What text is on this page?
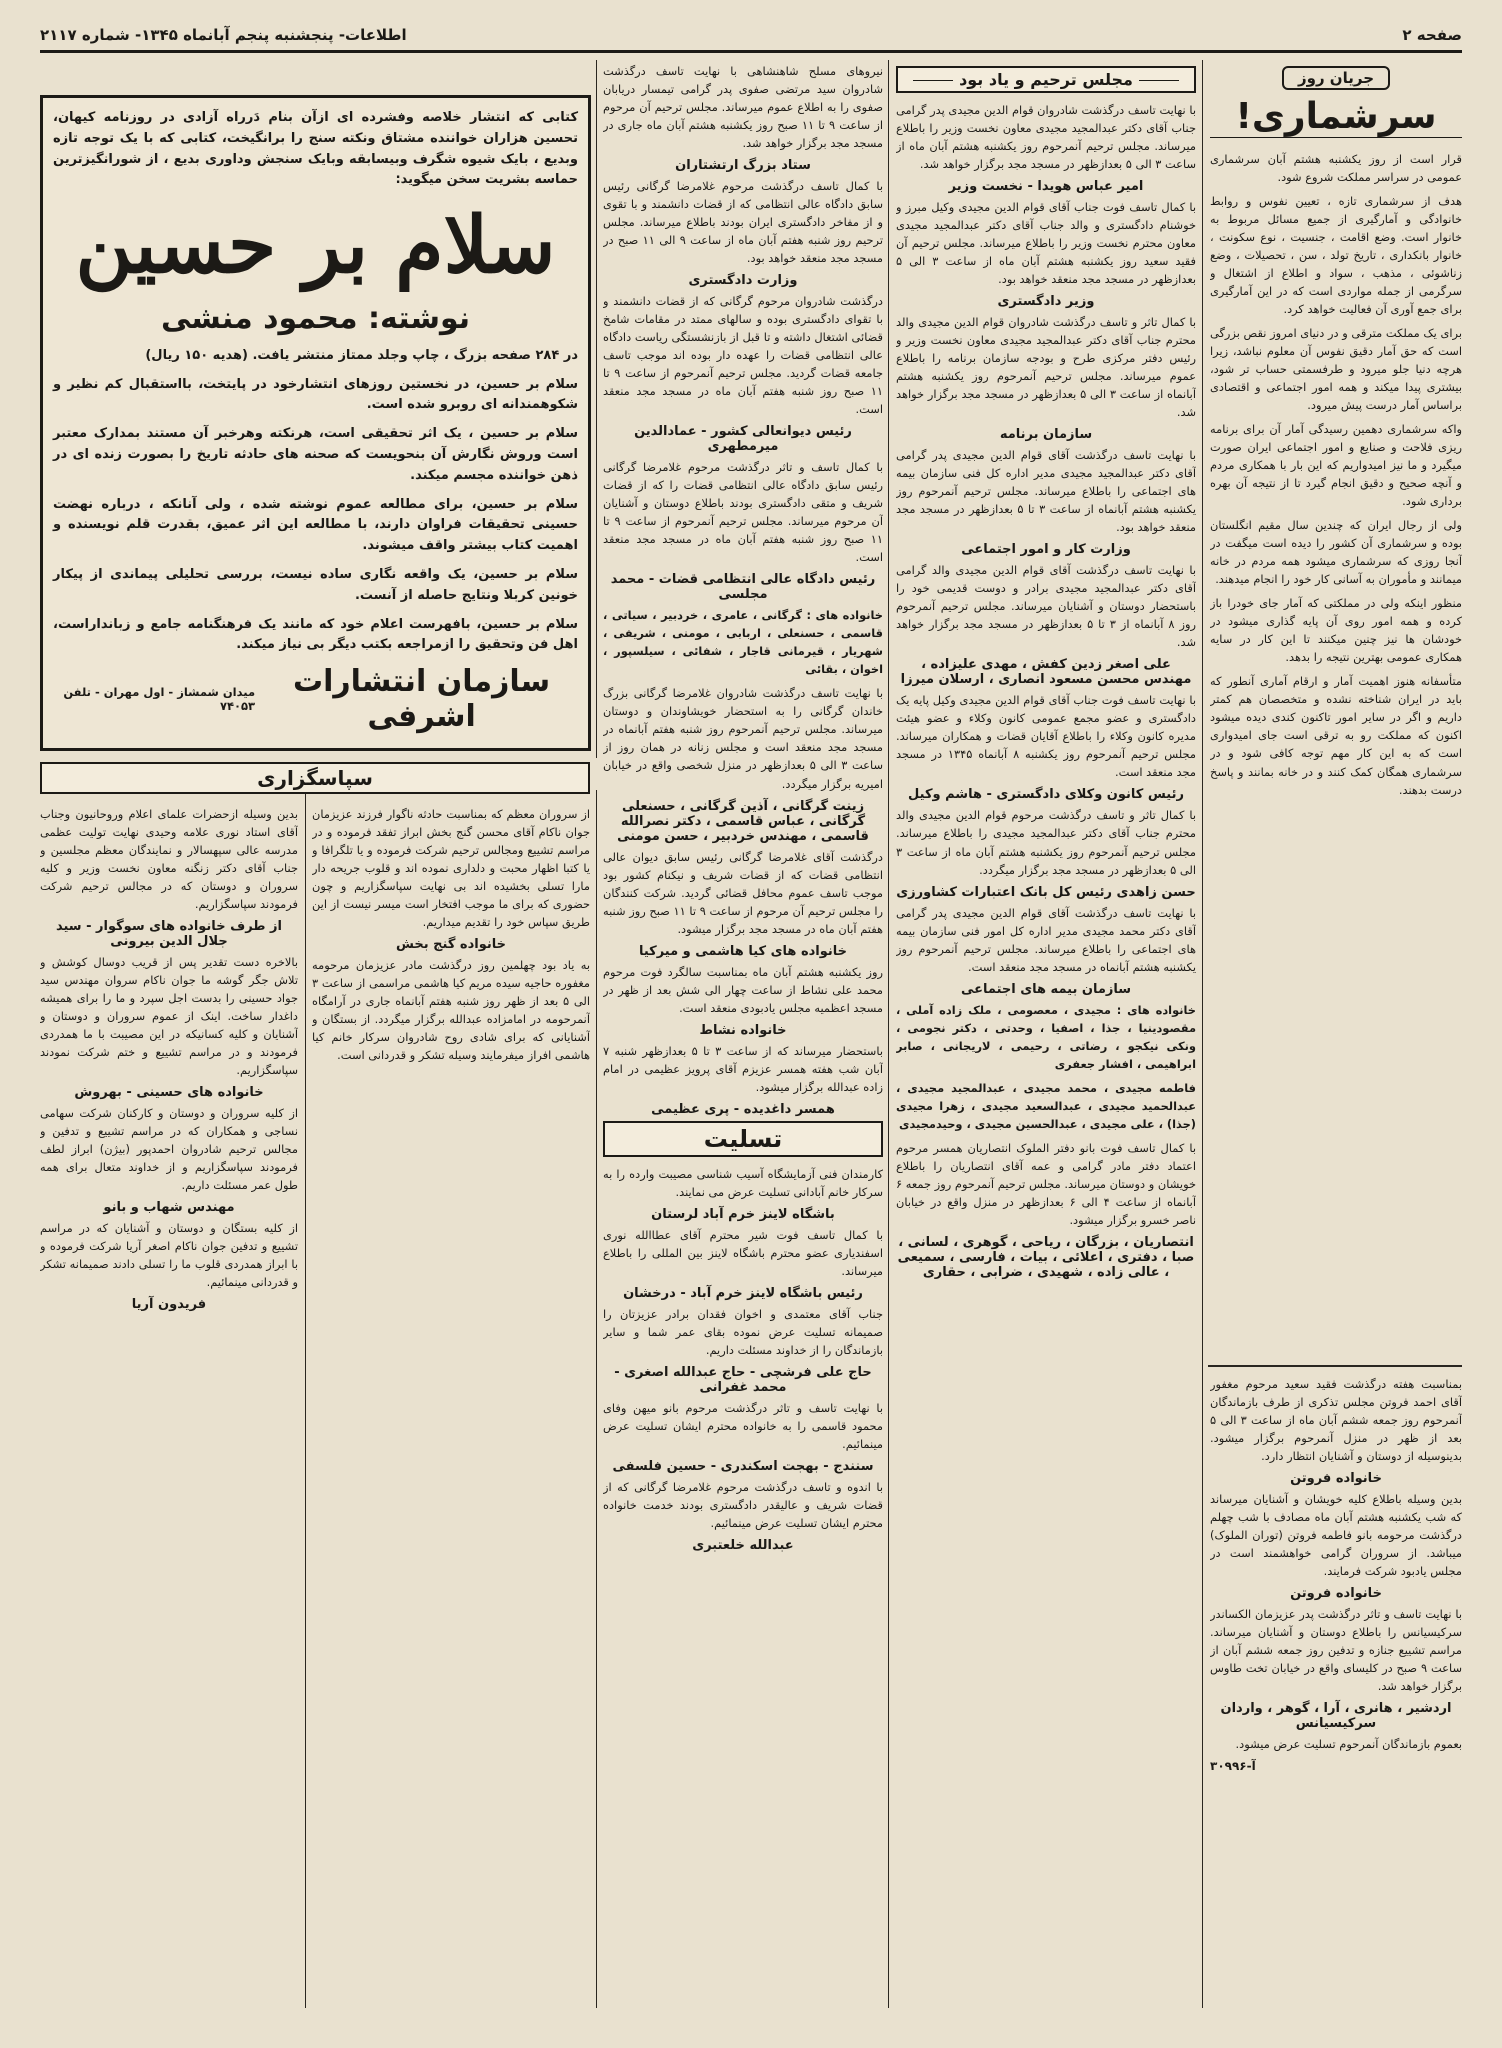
صفحه ۲
اطلاعات- پنجشنبه پنجم آبانماه ۱۳۴۵- شماره ۲۱۱۷
جریان روز
سرشماری!

قرار است از روز یکشنبه هشتم آبان سرشماری عمومی در سراسر مملکت شروع شود.

هدف از سرشماری تازه ، تعیین نفوس و روابط خانوادگی و آمارگیری از جمیع مسائل مربوط به خانوار است. وضع اقامت ، جنسیت ، نوع سکونت ، خانوار بانکداری ، تاریخ تولد ، سن ، تحصیلات ، وضع زناشوئی ، مذهب ، سواد و اطلاع از اشتغال و سرگرمی از جمله مواردی است که در این آمارگیری برای جمع آوری آن فعالیت خواهد کرد.

برای یک مملکت مترقی و در دنیای امروز نقص بزرگی است که حق آمار دقیق نفوس آن معلوم نباشد، زیرا هرچه دنیا جلو میرود و طرفسمتی حساب تر شود، بیشتری پیدا میکند و همه امور اجتماعی و اقتصادی براساس آمار درست پیش میرود.

واکه سرشماری دهمین رسیدگی آمار آن برای برنامه ریزی فلاحت و صنایع و امور اجتماعی ایران صورت میگیرد و ما نیز امیدواریم که این بار با همکاری مردم و آنچه صحیح و دقیق انجام گیرد تا از نتیجه آن بهره برداری شود.

ولی از رجال ایران که چندین سال مقیم انگلستان بوده و سرشماری آن کشور را دیده است میگفت در آنجا روزی که سرشماری میشود همه مردم در خانه میمانند و مأموران به آسانی کار خود را انجام میدهند.

منظور اینکه ولی در مملکتی که آمار جای خودرا باز کرده و همه امور روی آن پایه گذاری میشود در خودشان ها نیز چنین میکنند تا این کار در سایه همکاری عمومی بهترین نتیجه را بدهد.

متأسفانه هنوز اهمیت آمار و ارقام آماری آنطور که باید در ایران شناخته نشده و متخصصان هم کمتر داریم و اگر در سایر امور تاکنون کندی دیده میشود اکنون که مملکت رو به ترقی است جای امیدواری است که به این کار مهم توجه کافی شود و در سرشماری همگان کمک کنند و در خانه بمانند و پاسخ درست بدهند.

بمناسبت هفته درگذشت فقید سعید مرحوم مغفور آقای احمد فروتن مجلس تذکری از طرف بازماندگان آنمرحوم روز جمعه ششم آبان ماه از ساعت ۳ الی ۵ بعد از ظهر در منزل آنمرحوم برگزار میشود. بدینوسیله از دوستان و آشنایان انتظار دارد.

خانواده فروتن

بدین وسیله باطلاع کلیه خویشان و آشنایان میرساند که شب یکشنبه هشتم آبان ماه مصادف با شب چهلم درگذشت مرحومه بانو فاطمه فروتن (توران الملوک) میباشد. از سروران گرامی خواهشمند است در مجلس یادبود شرکت فرمایند.

خانواده فروتن

با نهایت تاسف و تاثر درگذشت پدر عزیزمان الکساندر سرکیسیانس را باطلاع دوستان و آشنایان میرساند. مراسم تشییع جنازه و تدفین روز جمعه ششم آبان از ساعت ۹ صبح در کلیسای واقع در خیابان تخت طاوس برگزار خواهد شد.

اردشیر ، هانری ، آرا ، گوهر ، واردان سرکیسیانس

بعموم بازماندگان آنمرحوم تسلیت عرض میشود.

آ-۳۰۹۹۶
مجلس ترحیم و یاد بود

با نهایت تاسف درگذشت شادروان قوام الدین مجیدی پدر گرامی جناب آقای دکتر عبدالمجید مجیدی معاون نخست وزیر را باطلاع میرساند. مجلس ترحیم آنمرحوم روز یکشنبه هشتم آبان ماه از ساعت ۳ الی ۵ بعدازظهر در مسجد مجد برگزار خواهد شد.

امیر عباس هویدا - نخست وزیر

با کمال تاسف فوت جناب آقای قوام الدین مجیدی وکیل مبرز و خوشنام دادگستری و والد جناب آقای دکتر عبدالمجید مجیدی معاون محترم نخست وزیر را باطلاع میرساند. مجلس ترحیم آن فقید سعید روز یکشنبه هشتم آبان ماه از ساعت ۳ الی ۵ بعدازظهر در مسجد مجد منعقد خواهد بود.

وزیر دادگستری

با کمال تاثر و تاسف درگذشت شادروان قوام الدین مجیدی والد محترم جناب آقای دکتر عبدالمجید مجیدی معاون نخست وزیر و رئیس دفتر مرکزی طرح و بودجه سازمان برنامه را باطلاع عموم میرساند. مجلس ترحیم آنمرحوم روز یکشنبه هشتم آبانماه از ساعت ۳ الی ۵ بعدازظهر در مسجد مجد برگزار خواهد شد.

سازمان برنامه

با نهایت تاسف درگذشت آقای قوام الدین مجیدی پدر گرامی آقای دکتر عبدالمجید مجیدی مدیر اداره کل فنی سازمان بیمه های اجتماعی را باطلاع میرساند. مجلس ترحیم آنمرحوم روز یکشنبه هشتم آبانماه از ساعت ۳ تا ۵ بعدازظهر در مسجد مجد منعقد خواهد بود.

وزارت کار و امور اجتماعی

با نهایت تاسف درگذشت آقای قوام الدین مجیدی والد گرامی آقای دکتر عبدالمجید مجیدی برادر و دوست قدیمی خود را باستحضار دوستان و آشنایان میرساند. مجلس ترحیم آنمرحوم روز ۸ آبانماه از ۳ تا ۵ بعدازظهر در مسجد مجد برگزار خواهد شد.

علی اصغر زدین کفش ، مهدی علیزاده ، مهندس محسن مسعود انصاری ، ارسلان میرزا

با نهایت تاسف فوت جناب آقای قوام الدین مجیدی وکیل پایه یک دادگستری و عضو مجمع عمومی کانون وکلاء و عضو هیئت مدیره کانون وکلاء را باطلاع آقایان قضات و همکاران میرساند. مجلس ترحیم آنمرحوم روز یکشنبه ۸ آبانماه ۱۳۴۵ در مسجد مجد منعقد است.

رئیس کانون وکلای دادگستری - هاشم وکیل

با کمال تاثر و تاسف درگذشت مرحوم قوام الدین مجیدی والد محترم جناب آقای دکتر عبدالمجید مجیدی را باطلاع میرساند. مجلس ترحیم آنمرحوم روز یکشنبه هشتم آبان ماه از ساعت ۳ الی ۵ بعدازظهر در مسجد مجد برگزار میگردد.

حسن زاهدی رئیس کل بانک اعتبارات کشاورزی

با نهایت تاسف درگذشت آقای قوام الدین مجیدی پدر گرامی آقای دکتر محمد مجیدی مدیر اداره کل امور فنی سازمان بیمه های اجتماعی را باطلاع میرساند. مجلس ترحیم آنمرحوم روز یکشنبه هشتم آبانماه در مسجد مجد منعقد است.

سازمان بیمه های اجتماعی

خانواده های : مجیدی ، معصومی ، ملک زاده آملی ، مقصودینیا ، جذا ، اصفیا ، وحدتی ، دکتر نجومی ، ونکی نیکجو ، رضاتی ، رحیمی ، لاریجانی ، صابر ابراهیمی ، افشار جعفری

فاطمه مجیدی ، محمد مجیدی ، عبدالمجید مجیدی ، عبدالحمید مجیدی ، عبدالسعید مجیدی ، زهرا مجیدی (جذا) ، علی مجیدی ، عبدالحسین مجیدی ، وحیدمجیدی

با کمال تاسف فوت بانو دفتر الملوک انتصاریان همسر مرحوم اعتماد دفتر مادر گرامی و عمه آقای انتصاریان را باطلاع خویشان و دوستان میرساند. مجلس ترحیم آنمرحوم روز جمعه ۶ آبانماه از ساعت ۴ الی ۶ بعدازظهر در منزل واقع در خیابان ناصر خسرو برگزار میشود.

انتصاریان ، بزرگان ، ریاحی ، گوهری ، لسانی ، صبا ، دفتری ، اعلائی ، بیات ، فارسی ، سمیعی ، عالی زاده ، شهیدی ، ضرابی ، حقاری

نیروهای مسلح شاهنشاهی با نهایت تاسف درگذشت شادروان سید مرتضی صفوی پدر گرامی تیمسار دریابان صفوی را به اطلاع عموم میرساند. مجلس ترحیم آن مرحوم از ساعت ۹ تا ۱۱ صبح روز یکشنبه هشتم آبان ماه جاری در مسجد مجد برگزار خواهد شد.

ستاد بزرگ ارتشتاران

با کمال تاسف درگذشت مرحوم غلامرضا گرگانی رئیس سابق دادگاه عالی انتظامی که از قضات دانشمند و با تقوی و از مفاخر دادگستری ایران بودند باطلاع میرساند. مجلس ترحیم روز شنبه هفتم آبان ماه از ساعت ۹ الی ۱۱ صبح در مسجد مجد منعقد خواهد بود.

وزارت دادگستری

درگذشت شادروان مرحوم گرگانی که از قضات دانشمند و با تقوای دادگستری بوده و سالهای ممتد در مقامات شامخ قضائی اشتغال داشته و تا قبل از بازنشستگی ریاست دادگاه عالی انتظامی قضات را عهده دار بوده اند موجب تاسف جامعه قضات گردید. مجلس ترحیم آنمرحوم از ساعت ۹ تا ۱۱ صبح روز شنبه هفتم آبان ماه در مسجد مجد منعقد است.

رئیس دیوانعالی کشور - عمادالدین میرمطهری

با کمال تاسف و تاثر درگذشت مرحوم غلامرضا گرگانی رئیس سابق دادگاه عالی انتظامی قضات را که از قضات شریف و متقی دادگستری بودند باطلاع دوستان و آشنایان آن مرحوم میرساند. مجلس ترحیم آنمرحوم از ساعت ۹ تا ۱۱ صبح روز شنبه هفتم آبان ماه در مسجد مجد منعقد است.

رئیس دادگاه عالی انتظامی قضات - محمد مجلسی

خانواده های : گرگانی ، عامری ، خردبیر ، سیاتی ، قاسمی ، حسنعلی ، اربابی ، مومنی ، شریفی ، شهریار ، قیرمانی قاجار ، شفائی ، سیلسپور ، اخوان ، بقائی

با نهایت تاسف درگذشت شادروان غلامرضا گرگانی بزرگ خاندان گرگانی را به استحضار خویشاوندان و دوستان میرساند. مجلس ترحیم آنمرحوم روز شنبه هفتم آبانماه در مسجد مجد منعقد است و مجلس زنانه در همان روز از ساعت ۳ الی ۵ بعدازظهر در منزل شخصی واقع در خیابان امیریه برگزار میگردد.

زینت گرگانی ، آذین گرگانی ، حسنعلی گرگانی ، عباس قاسمی ، دکتر نصرالله قاسمی ، مهندس خردبیر ، حسن مومنی

درگذشت آقای غلامرضا گرگانی رئیس سابق دیوان عالی انتظامی قضات که از قضات شریف و نیکنام کشور بود موجب تاسف عموم محافل قضائی گردید. شرکت کنندگان را مجلس ترحیم آن مرحوم از ساعت ۹ تا ۱۱ صبح روز شنبه هفتم آبان ماه در مسجد مجد برگزار میشود.

خانواده های کیا هاشمی و میرکیا

روز یکشنبه هشتم آبان ماه بمناسبت سالگرد فوت مرحوم محمد علی نشاط از ساعت چهار الی شش بعد از ظهر در مسجد اعظمیه مجلس یادبودی منعقد است.

خانواده نشاط

باستحضار میرساند که از ساعت ۳ تا ۵ بعدازظهر شنبه ۷ آبان شب هفته همسر عزیزم آقای پرویز عظیمی در امام زاده عبدالله برگزار میشود.

همسر داغدیده - پری عظیمی
تسلیت

کارمندان فنی آزمایشگاه آسیب شناسی مصیبت وارده را به سرکار خانم آبادانی تسلیت عرض می نمایند.

باشگاه لاینز خرم آباد لرستان

با کمال تاسف فوت شیر محترم آقای عطاالله نوری اسفندیاری عضو محترم باشگاه لاینز بین المللی را باطلاع میرساند.

رئیس باشگاه لاینز خرم آباد - درخشان

جناب آقای معتمدی و اخوان فقدان برادر عزیزتان را صمیمانه تسلیت عرض نموده بقای عمر شما و سایر بازماندگان را از خداوند مسئلت داریم.

حاج علی فرشچی - حاج عبدالله اصغری - محمد غفرانی

با نهایت تاسف و تاثر درگذشت مرحوم بانو میهن وفای محمود قاسمی را به خانواده محترم ایشان تسلیت عرض مینمائیم.

سنندج - بهجت اسکندری - حسین فلسفی

با اندوه و تاسف درگذشت مرحوم غلامرضا گرگانی که از قضات شریف و عالیقدر دادگستری بودند خدمت خانواده محترم ایشان تسلیت عرض مینمائیم.

عبدالله خلعتبری

کتابی که انتشار خلاصه وفشرده ای ازآن بنام دَرراه آزادی در روزنامه کیهان، تحسین هزاران خواننده مشتاق ونکته سنج را برانگیخت، کتابی که با یک توجه تازه وبدیع ، بایک شیوه شگرف وبیسابقه وبایک سنجش وداوری بدیع ، از شورانگیزترین حماسه بشریت سخن میگوید:

سلام بر حسین
نوشته: محمود منشی

در ۲۸۴ صفحه بزرگ ، چاپ وجلد ممتاز منتشر یافت. (هدیه ۱۵۰ ریال)

سلام بر حسین، در نخستین روزهای انتشارخود در پایتخت، بااستقبال کم نظیر و شکوهمندانه ای روبرو شده است.

سلام بر حسین ، یک اثر تحقیقی است، هرنکته وهرخبر آن مستند بمدارک معتبر است وروش نگارش آن بنحویست که صحنه های حادثه تاریخ را بصورت زنده ای در ذهن خواننده مجسم میکند.

سلام بر حسین، برای مطالعه عموم نوشته شده ، ولی آنانکه ، درباره نهضت حسینی تحقیقات فراوان دارند، با مطالعه این اثر عمیق، بقدرت قلم نویسنده و اهمیت کتاب بیشتر واقف میشوند.

سلام بر حسین، یک واقعه نگاری ساده نیست، بررسی تحلیلی پیماندی از پیکار خونین کربلا ونتایج حاصله از آنست.

سلام بر حسین، بافهرست اعلام خود که مانند یک فرهنگنامه جامع و زبانداراست، اهل فن وتحقیق را ازمراجعه بکتب دیگر بی نیاز میکند.

سازمان انتشارات اشرفی
میدان شمشاز - اول مهران - تلفن ۷۴۰۵۳
سپاسگزاری

از سروران معظم که بمناسبت حادثه ناگوار فرزند عزیزمان جوان ناکام آقای محسن گنج بخش ابراز تفقد فرموده و در مراسم تشییع ومجالس ترحیم شرکت فرموده و یا تلگرافا و یا کتبا اظهار محبت و دلداری نموده اند و قلوب جریحه دار مارا تسلی بخشیده اند بی نهایت سپاسگزاریم و چون حضوری که برای ما موجب افتخار است میسر نیست از این طریق سپاس خود را تقدیم میداریم.

خانواده گنج بخش

به یاد بود چهلمین روز درگذشت مادر عزیزمان مرحومه مغفوره حاجیه سیده مریم کیا هاشمی مراسمی از ساعت ۳ الی ۵ بعد از ظهر روز شنبه هفتم آبانماه جاری در آرامگاه آنمرحومه در امامزاده عبدالله برگزار میگردد. از بستگان و آشنایانی که برای شادی روح شادروان سرکار خانم کیا هاشمی افراز میفرمایند وسیله تشکر و قدردانی است.

بدین وسیله ازحضرات علمای اعلام وروحانیون وجناب آقای استاد نوری علامه وحیدی نهایت تولیت عظمی مدرسه عالی سپهسالار و نمایندگان معظم مجلسین و جناب آقای دکتر زنگنه معاون نخست وزیر و کلیه سروران و دوستان که در مجالس ترحیم شرکت فرمودند سپاسگزاریم.

از طرف خانواده های سوگوار - سید جلال الدین بیرونی

بالاخره دست تقدیر پس از قریب دوسال کوشش و تلاش جگر گوشه ما جوان ناکام سروان مهندس سید جواد حسینی را بدست اجل سپرد و ما را برای همیشه داغدار ساخت. اینک از عموم سروران و دوستان و آشنایان و کلیه کسانیکه در این مصیبت با ما همدردی فرمودند و در مراسم تشییع و ختم شرکت نمودند سپاسگزاریم.

خانواده های حسینی - بهروش

از کلیه سروران و دوستان و کارکنان شرکت سهامی نساجی و همکاران که در مراسم تشییع و تدفین و مجالس ترحیم شادروان احمدپور (بیژن) ابراز لطف فرمودند سپاسگزاریم و از خداوند متعال برای همه طول عمر مسئلت داریم.

مهندس شهاب و بانو

از کلیه بستگان و دوستان و آشنایان که در مراسم تشییع و تدفین جوان ناکام اصغر آریا شرکت فرموده و با ابراز همدردی قلوب ما را تسلی دادند صمیمانه تشکر و قدردانی مینمائیم.

فریدون آریا
